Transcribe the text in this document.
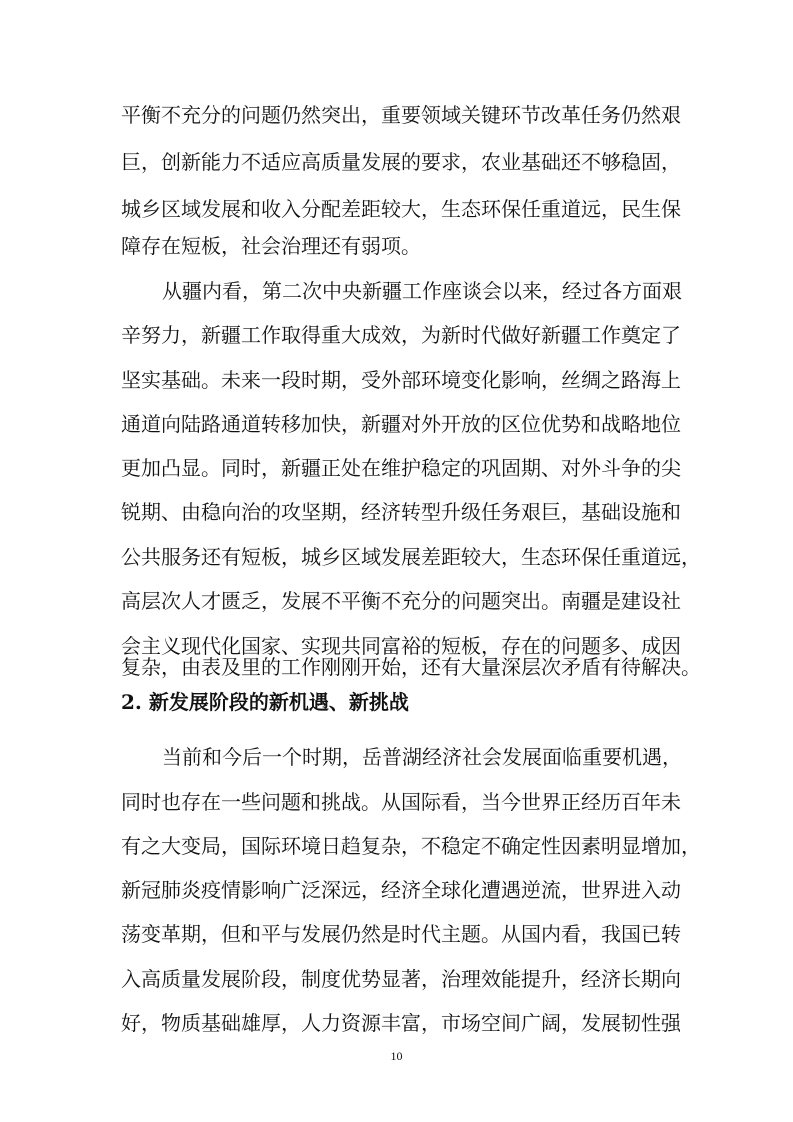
平衡不充分的问题仍然突出，重要领域关键环节改革任务仍然艰
巨，创新能力不适应高质量发展的要求，农业基础还不够稳固，
城乡区域发展和收入分配差距较大，生态环保任重道远，民生保
障存在短板，社会治理还有弱项。
从疆内看，第二次中央新疆工作座谈会以来，经过各方面艰
辛努力，新疆工作取得重大成效，为新时代做好新疆工作奠定了
坚实基础。未来一段时期，受外部环境变化影响，丝绸之路海上
通道向陆路通道转移加快，新疆对外开放的区位优势和战略地位
更加凸显。同时，新疆正处在维护稳定的巩固期、对外斗争的尖
锐期、由稳向治的攻坚期，经济转型升级任务艰巨，基础设施和
公共服务还有短板，城乡区域发展差距较大，生态环保任重道远，
高层次人才匮乏，发展不平衡不充分的问题突出。南疆是建设社
会主义现代化国家、实现共同富裕的短板，存在的问题多、成因
2. 新发展阶段的新机遇、新挑战
当前和今后一个时期，岳普湖经济社会发展面临重要机遇，
同时也存在一些问题和挑战。从国际看，当今世界正经历百年未
有之大变局，国际环境日趋复杂，不稳定不确定性因素明显增加，
新冠肺炎疫情影响广泛深远，经济全球化遭遇逆流，世界进入动
荡变革期，但和平与发展仍然是时代主题。从国内看，我国已转
入高质量发展阶段，制度优势显著，治理效能提升，经济长期向
好，物质基础雄厚，人力资源丰富，市场空间广阔，发展韧性强
10
复杂，由表及里的工作刚刚开始，还有大量深层次矛盾有待解决。
